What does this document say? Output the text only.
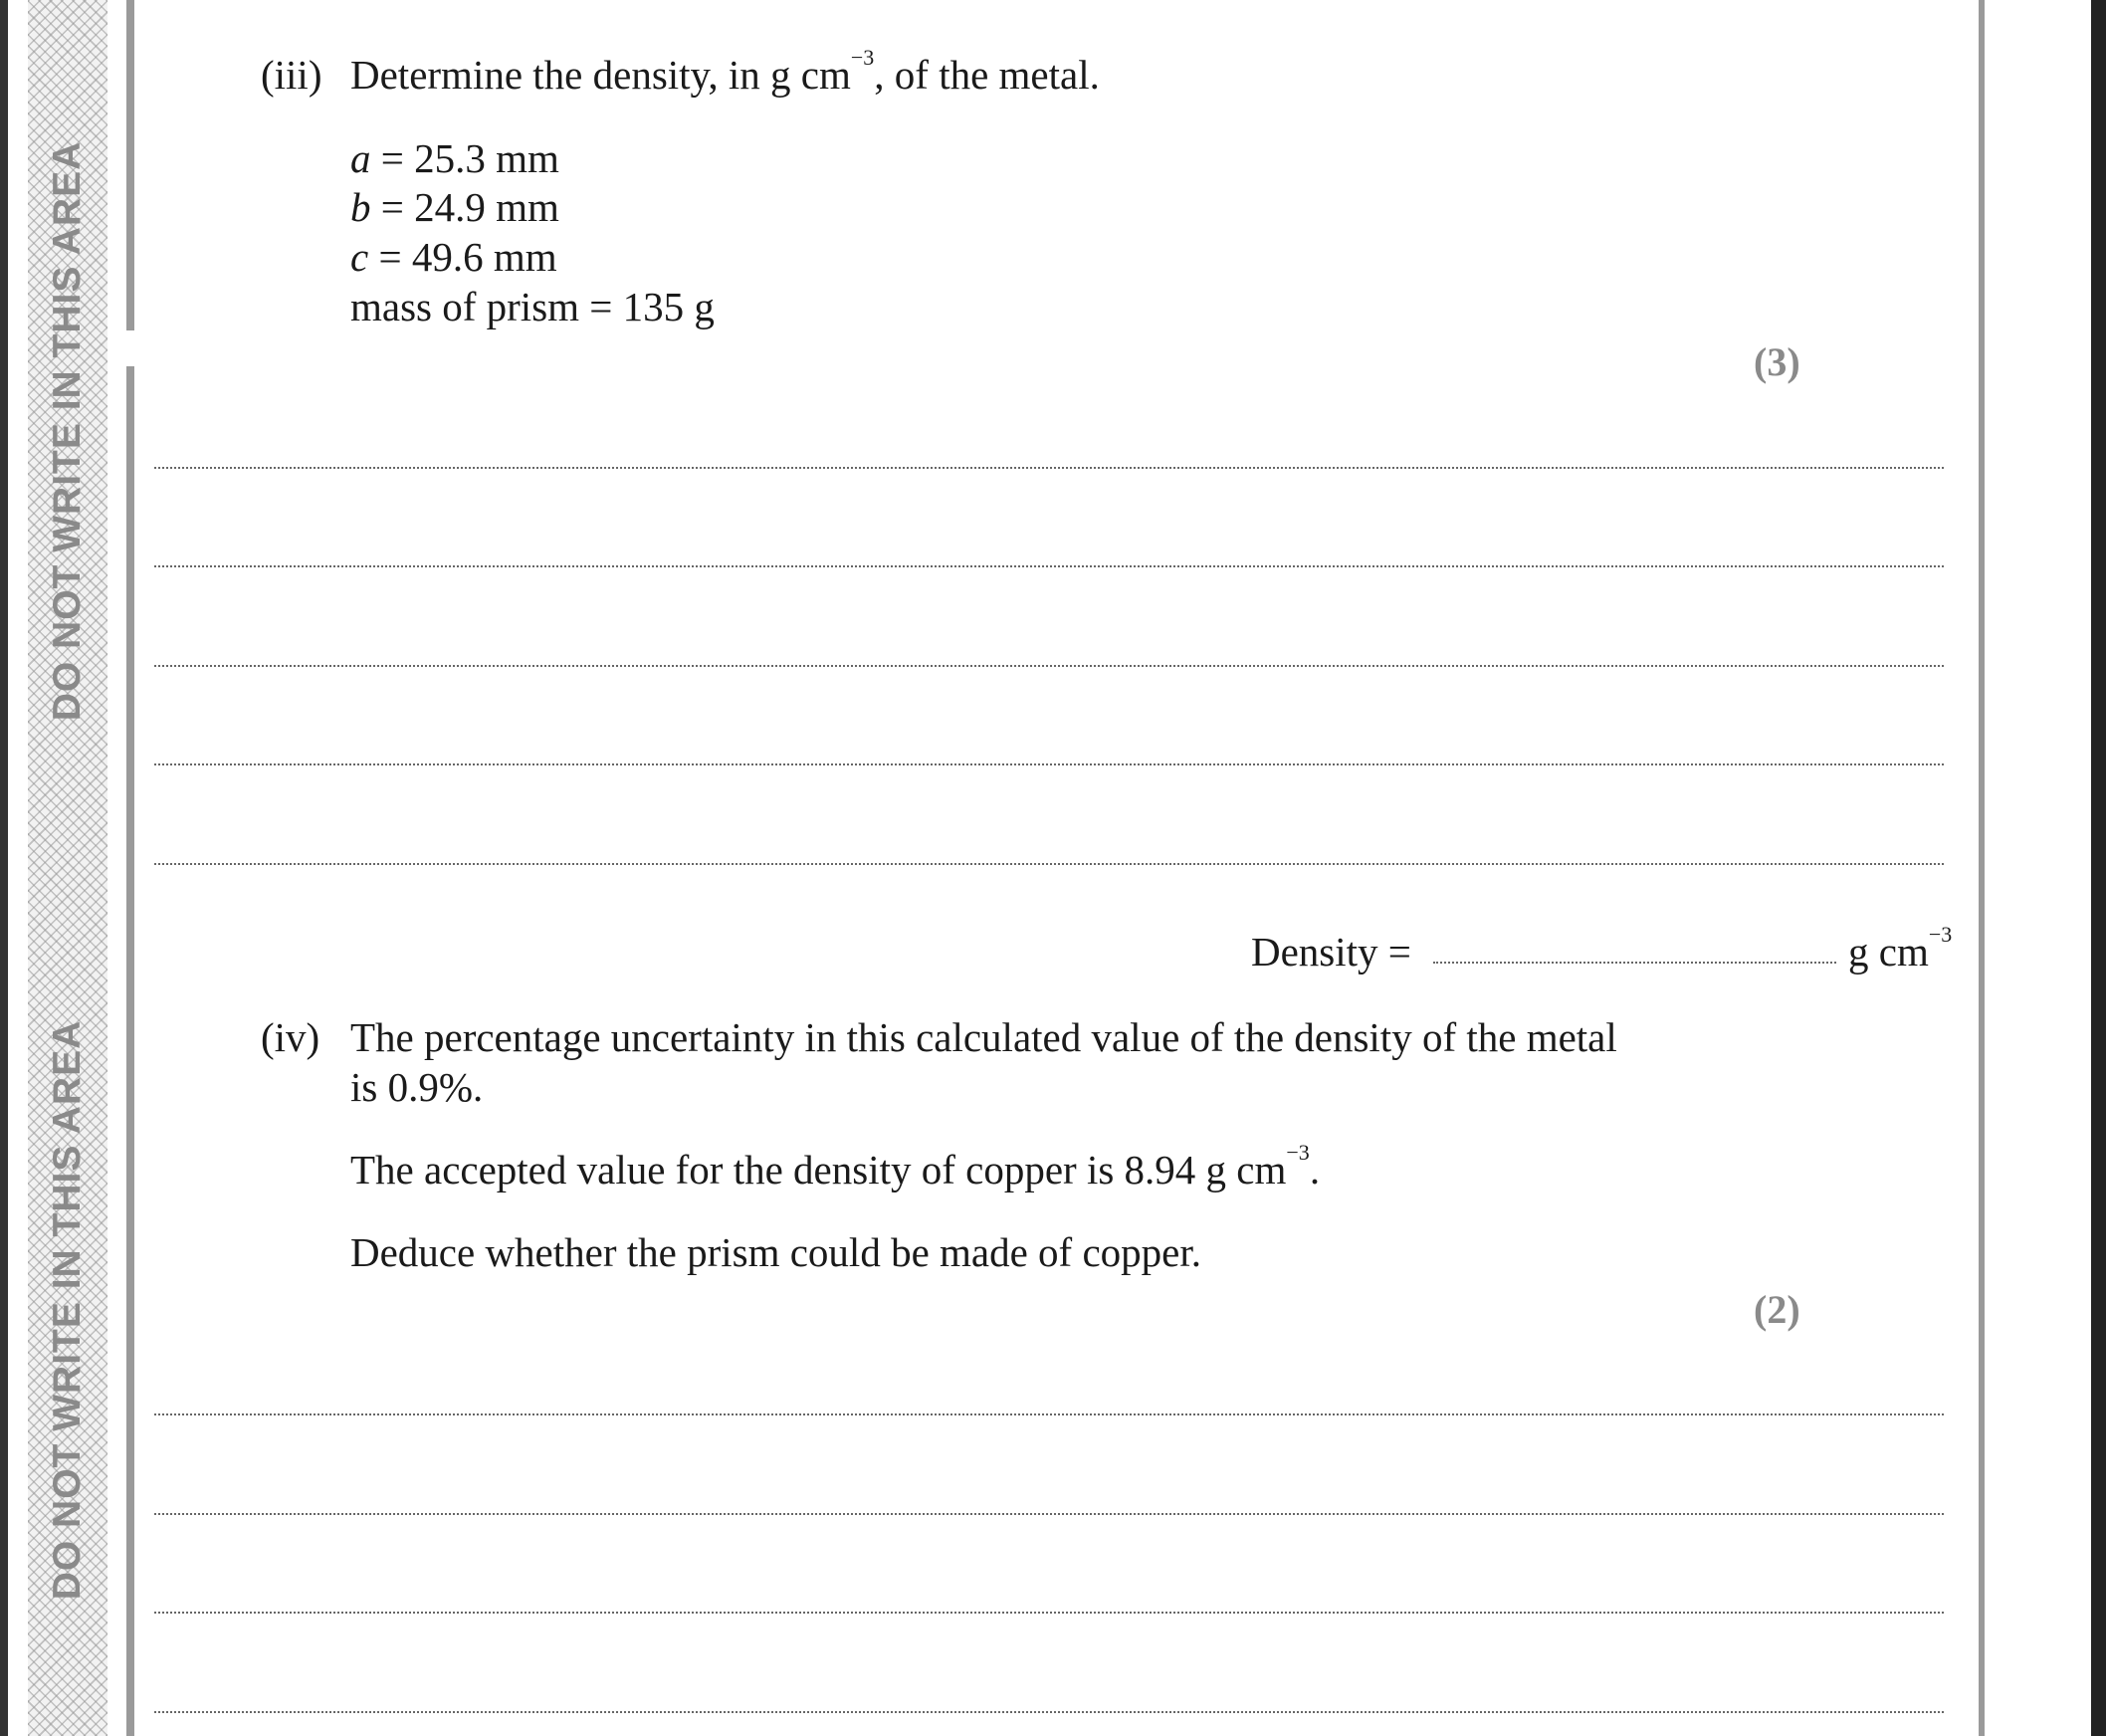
DO NOT WRITE IN THIS AREA
DO NOT WRITE IN THIS AREA
(iii) Determine the density, in g $cm^{-3}$, of the metal.
a = 25.3 mm
b = 24.9 mm
c = 49.6 mm
mass of prism = 135 g
(3)
Density =	g $cm^{-3}$
(iv) The percentage uncertainty in this calculated value of the density of the metal
is 0.9%.
The accepted value for the density of copper is 8.94 g $cm^{-3}$.
Deduce whether the prism could be made of copper.
(2)
